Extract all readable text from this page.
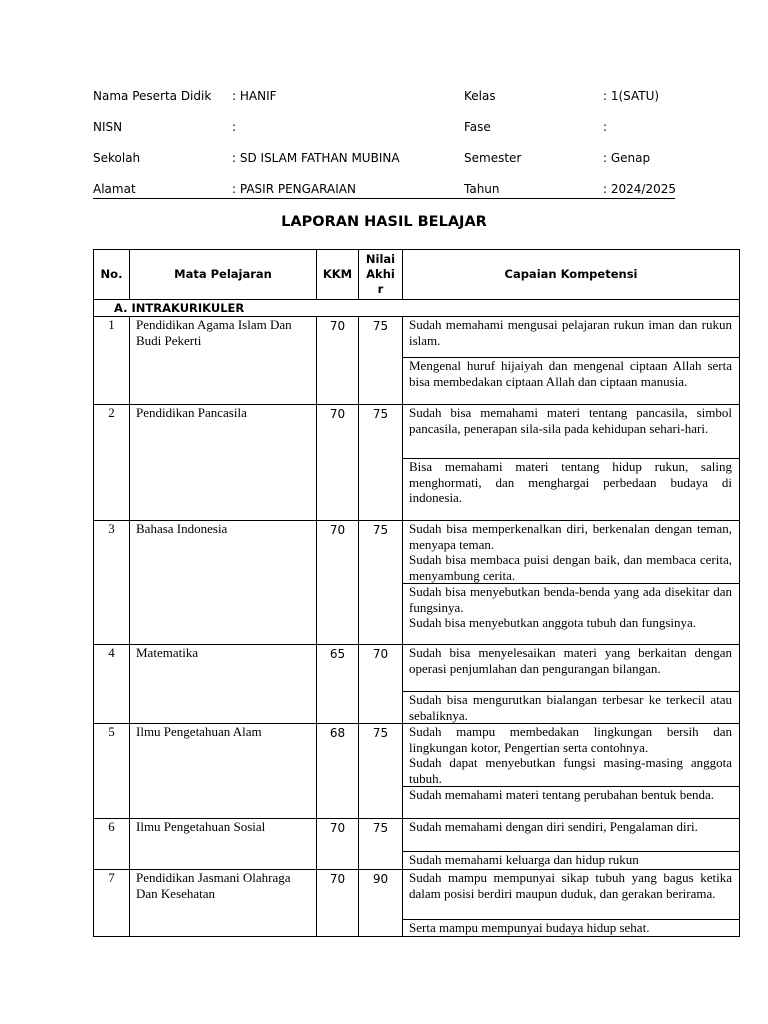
Nama Peserta Didik : HANIF	Kelas	: 1(SATU)
NISN	:	Fase	:
Sekolah	: SD ISLAM FATHAN MUBINA	Semester	: Genap
Alamat	: PASIR PENGARAIAN	Tahun	: 2024/2025
LAPORAN HASIL BELAJAR
No.	Mata Pelajaran	KKM	Nilai Akhi r	Capaian Kompetensi
A. INTRAKURIKULER				
1	Pendidikan Agama Islam Dan Budi Pekerti	70	75	Sudah memahami mengusai pelajaran rukun iman dan rukun islam.
Mengenal huruf hijaiyah dan mengenal ciptaan Allah serta bisa membedakan ciptaan Allah dan ciptaan manusia.

2	Pendidikan Pancasila	70	75	Sudah bisa memahami materi tentang pancasila, simbol pancasila, penerapan sila-sila pada kehidupan sehari-hari.
Bisa memahami materi tentang hidup rukun, saling menghormati, dan menghargai perbedaan budaya di indonesia.

3	Bahasa Indonesia	70	75	Sudah bisa memperkenalkan diri, berkenalan dengan teman, menyapa teman.
Sudah bisa membaca puisi dengan baik, dan membaca cerita, menyambung cerita.
Sudah bisa menyebutkan benda-benda yang ada disekitar dan fungsinya.
Sudah bisa menyebutkan anggota tubuh dan fungsinya.

4	Matematika	65	70	Sudah bisa menyelesaikan materi yang berkaitan dengan operasi penjumlahan dan pengurangan bilangan.
Sudah bisa mengurutkan bialangan terbesar ke terkecil atau sebaliknya.

5	Ilmu Pengetahuan Alam	68	75	Sudah mampu membedakan lingkungan bersih dan lingkungan kotor, Pengertian serta contohnya.
Sudah dapat menyebutkan fungsi masing-masing anggota tubuh.
Sudah memahami materi tentang perubahan bentuk benda.

6	Ilmu Pengetahuan Sosial	70	75	Sudah memahami dengan diri sendiri, Pengalaman diri.
Sudah memahami keluarga dan hidup rukun

7	Pendidikan Jasmani Olahraga Dan Kesehatan	70	90	Sudah mampu mempunyai sikap tubuh yang bagus ketika dalam posisi berdiri maupun duduk, dan gerakan berirama.
Serta mampu mempunyai budaya hidup sehat.
